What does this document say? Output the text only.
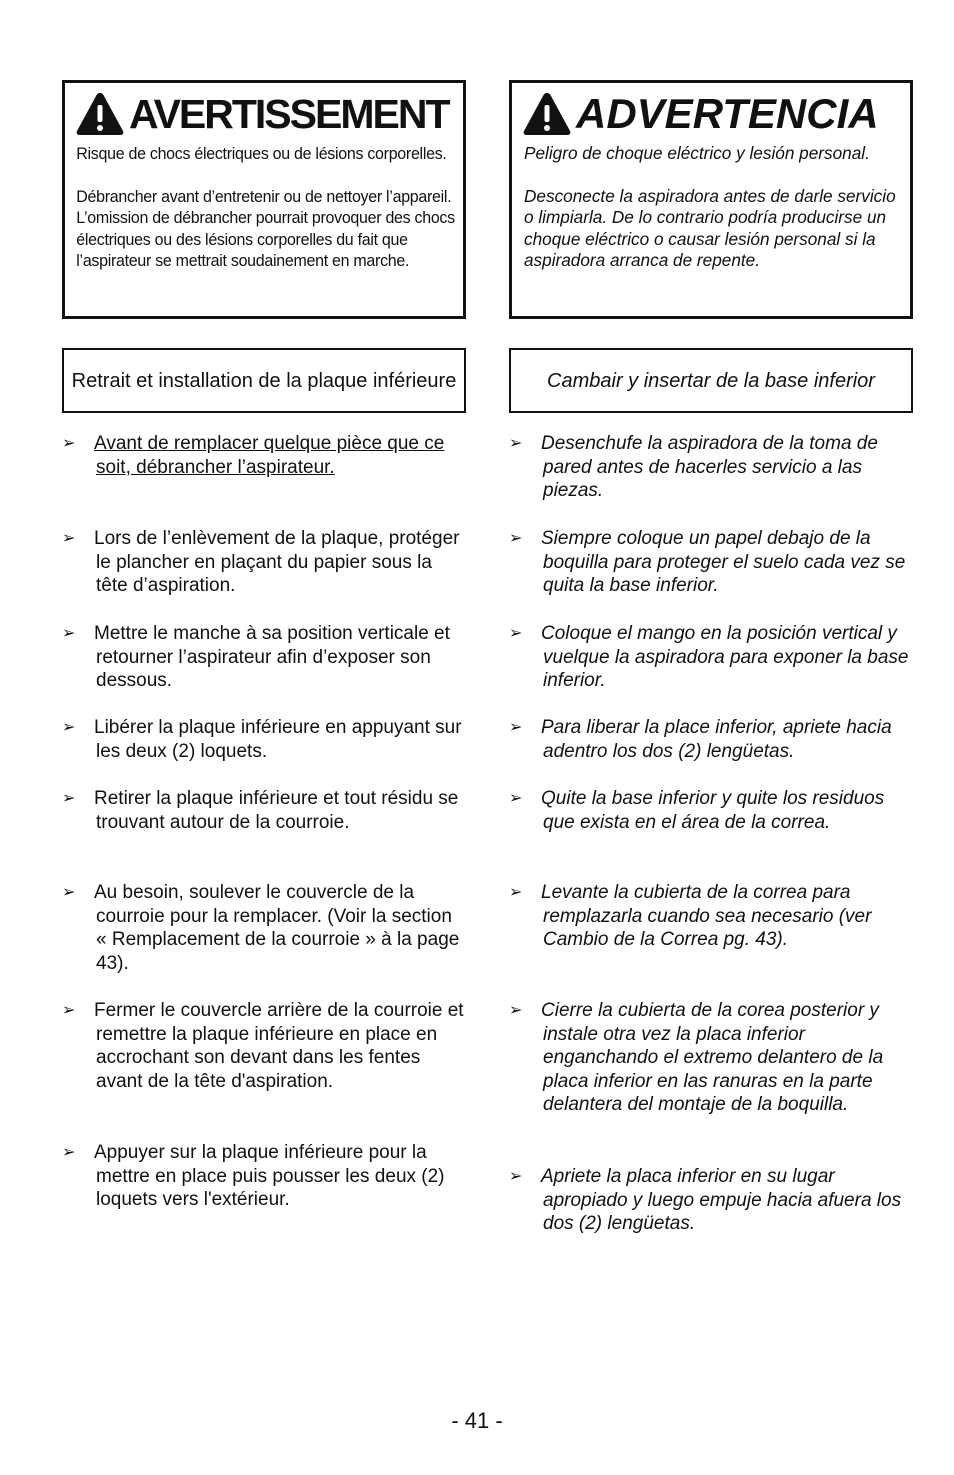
AVERTISSEMENT

Risque de chocs électriques ou de lésions corporelles.

Débrancher avant d’entretenir ou de nettoyer l’appareil. L’omission de débrancher pourrait provoquer des chocs électriques ou des lésions corporelles du fait que l’aspirateur se mettrait soudainement en marche.

Retrait et installation de la plaque inférieure
➢ Avant de remplacer quelque pièce que ce soit, débrancher l’aspirateur.
➢ Lors de l’enlèvement de la plaque, protéger le plancher en plaçant du papier sous la tête d’aspiration.
➢ Mettre le manche à sa position verticale et retourner l’aspirateur afin d’exposer son dessous.
➢ Libérer la plaque inférieure en appuyant sur les deux (2) loquets.
➢ Retirer la plaque inférieure et tout résidu se trouvant autour de la courroie.
➢ Au besoin, soulever le couvercle de la courroie pour la remplacer. (Voir la section « Remplacement de la courroie » à la page 43).
➢ Fermer le couvercle arrière de la courroie et remettre la plaque inférieure en place en accrochant son devant dans les fentes avant de la tête d'aspiration.
➢ Appuyer sur la plaque inférieure pour la mettre en place puis pousser les deux (2) loquets vers l'extérieur.
ADVERTENCIA

Peligro de choque eléctrico y lesión personal.

Desconecte la aspiradora antes de darle servicio o limpiarla. De lo contrario podría producirse un choque eléctrico o causar lesión personal si la aspiradora arranca de repente.

Cambair y insertar de la base inferior
➢ Desenchufe la aspiradora de la toma de pared antes de hacerles servicio a las piezas.
➢ Siempre coloque un papel debajo de la boquilla para proteger el suelo cada vez se quita la base inferior.
➢ Coloque el mango en la posición vertical y vuelque la aspiradora para exponer la base inferior.
➢ Para liberar la place inferior, apriete hacia adentro los dos (2) lengüetas.
➢ Quite la base inferior y quite los residuos que exista en el área de la correa.
➢ Levante la cubierta de la correa para remplazarla cuando sea necesario (ver Cambio de la Correa pg. 43).
➢ Cierre la cubierta de la corea posterior y instale otra vez la placa inferior enganchando el extremo delantero de la placa inferior en las ranuras en la parte delantera del montaje de la boquilla.
➢ Apriete la placa inferior en su lugar apropiado y luego empuje hacia afuera los dos (2) lengüetas.
- 41 -
